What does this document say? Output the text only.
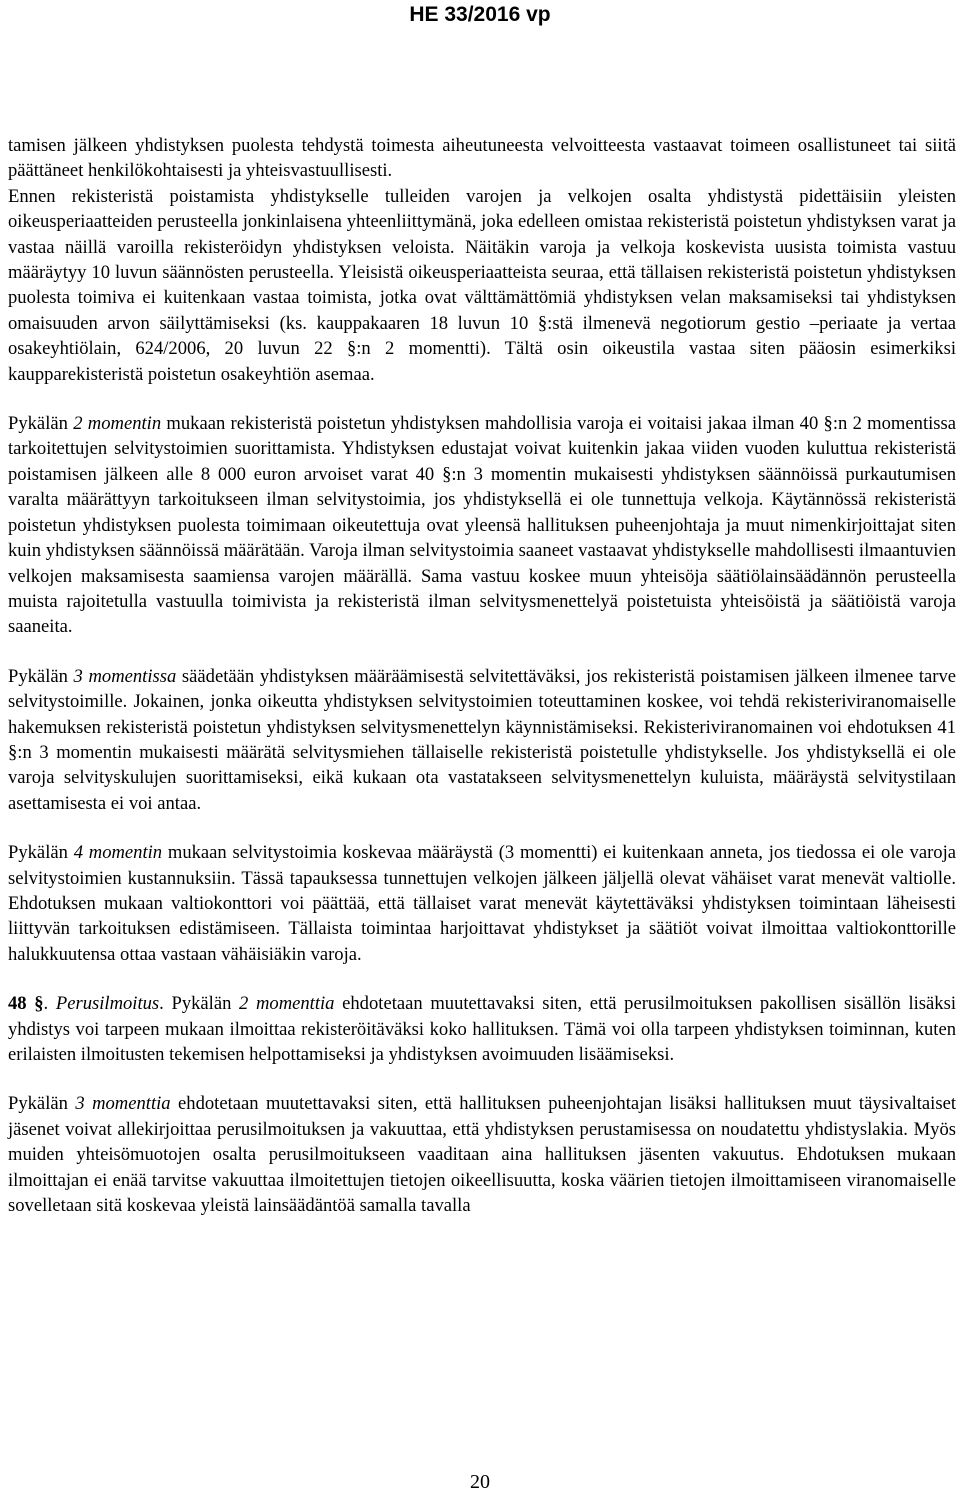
HE 33/2016 vp

tamisen jälkeen yhdistyksen puolesta tehdystä toimesta aiheutuneesta velvoitteesta vastaavat toimeen osallistuneet tai siitä päättäneet henkilökohtaisesti ja yhteisvastuullisesti.

Ennen rekisteristä poistamista yhdistykselle tulleiden varojen ja velkojen osalta yhdistystä pidettäisiin yleisten oikeusperiaatteiden perusteella jonkinlaisena yhteenliittymänä, joka edelleen omistaa rekisteristä poistetun yhdistyksen varat ja vastaa näillä varoilla rekisteröidyn yhdistyksen veloista. Näitäkin varoja ja velkoja koskevista uusista toimista vastuu määräytyy 10 luvun säännösten perusteella. Yleisistä oikeusperiaatteista seuraa, että tällaisen rekisteristä poistetun yhdistyksen puolesta toimiva ei kuitenkaan vastaa toimista, jotka ovat välttämättömiä yhdistyksen velan maksamiseksi tai yhdistyksen omaisuuden arvon säilyttämiseksi (ks. kauppakaaren 18 luvun 10 §:stä ilmenevä negotiorum gestio –periaate ja vertaa osakeyhtiölain, 624/2006, 20 luvun 22 §:n 2 momentti). Tältä osin oikeustila vastaa siten pääosin esimerkiksi kaupparekisteristä poistetun osakeyhtiön asemaa.

Pykälän 2 momentin mukaan rekisteristä poistetun yhdistyksen mahdollisia varoja ei voitaisi jakaa ilman 40 §:n 2 momentissa tarkoitettujen selvitystoimien suorittamista. Yhdistyksen edustajat voivat kuitenkin jakaa viiden vuoden kuluttua rekisteristä poistamisen jälkeen alle 8 000 euron arvoiset varat 40 §:n 3 momentin mukaisesti yhdistyksen säännöissä purkautumisen varalta määrättyyn tarkoitukseen ilman selvitystoimia, jos yhdistyksellä ei ole tunnettuja velkoja. Käytännössä rekisteristä poistetun yhdistyksen puolesta toimimaan oikeutettuja ovat yleensä hallituksen puheenjohtaja ja muut nimenkirjoittajat siten kuin yhdistyksen säännöissä määrätään. Varoja ilman selvitystoimia saaneet vastaavat yhdistykselle mahdollisesti ilmaantuvien velkojen maksamisesta saamiensa varojen määrällä. Sama vastuu koskee muun yhteisöja säätiölainsäädännön perusteella muista rajoitetulla vastuulla toimivista ja rekisteristä ilman selvitysmenettelyä poistetuista yhteisöistä ja säätiöistä varoja saaneita.

Pykälän 3 momentissa säädetään yhdistyksen määräämisestä selvitettäväksi, jos rekisteristä poistamisen jälkeen ilmenee tarve selvitystoimille. Jokainen, jonka oikeutta yhdistyksen selvitystoimien toteuttaminen koskee, voi tehdä rekisteriviranomaiselle hakemuksen rekisteristä poistetun yhdistyksen selvitysmenettelyn käynnistämiseksi. Rekisteriviranomainen voi ehdotuksen 41 §:n 3 momentin mukaisesti määrätä selvitysmiehen tällaiselle rekisteristä poistetulle yhdistykselle. Jos yhdistyksellä ei ole varoja selvityskulujen suorittamiseksi, eikä kukaan ota vastatakseen selvitysmenettelyn kuluista, määräystä selvitystilaan asettamisesta ei voi antaa.

Pykälän 4 momentin mukaan selvitystoimia koskevaa määräystä (3 momentti) ei kuitenkaan anneta, jos tiedossa ei ole varoja selvitystoimien kustannuksiin. Tässä tapauksessa tunnettujen velkojen jälkeen jäljellä olevat vähäiset varat menevät valtiolle. Ehdotuksen mukaan valtiokonttori voi päättää, että tällaiset varat menevät käytettäväksi yhdistyksen toimintaan läheisesti liittyvän tarkoituksen edistämiseen. Tällaista toimintaa harjoittavat yhdistykset ja säätiöt voivat ilmoittaa valtiokonttorille halukkuutensa ottaa vastaan vähäisiäkin varoja.

48 §. Perusilmoitus. Pykälän 2 momenttia ehdotetaan muutettavaksi siten, että perusilmoituksen pakollisen sisällön lisäksi yhdistys voi tarpeen mukaan ilmoittaa rekisteröitäväksi koko hallituksen. Tämä voi olla tarpeen yhdistyksen toiminnan, kuten erilaisten ilmoitusten tekemisen helpottamiseksi ja yhdistyksen avoimuuden lisäämiseksi.

Pykälän 3 momenttia ehdotetaan muutettavaksi siten, että hallituksen puheenjohtajan lisäksi hallituksen muut täysivaltaiset jäsenet voivat allekirjoittaa perusilmoituksen ja vakuuttaa, että yhdistyksen perustamisessa on noudatettu yhdistyslakia. Myös muiden yhteisömuotojen osalta perusilmoitukseen vaaditaan aina hallituksen jäsenten vakuutus. Ehdotuksen mukaan ilmoittajan ei enää tarvitse vakuuttaa ilmoitettujen tietojen oikeellisuutta, koska väärien tietojen ilmoittamiseen viranomaiselle sovelletaan sitä koskevaa yleistä lainsäädäntöä samalla tavalla

20
